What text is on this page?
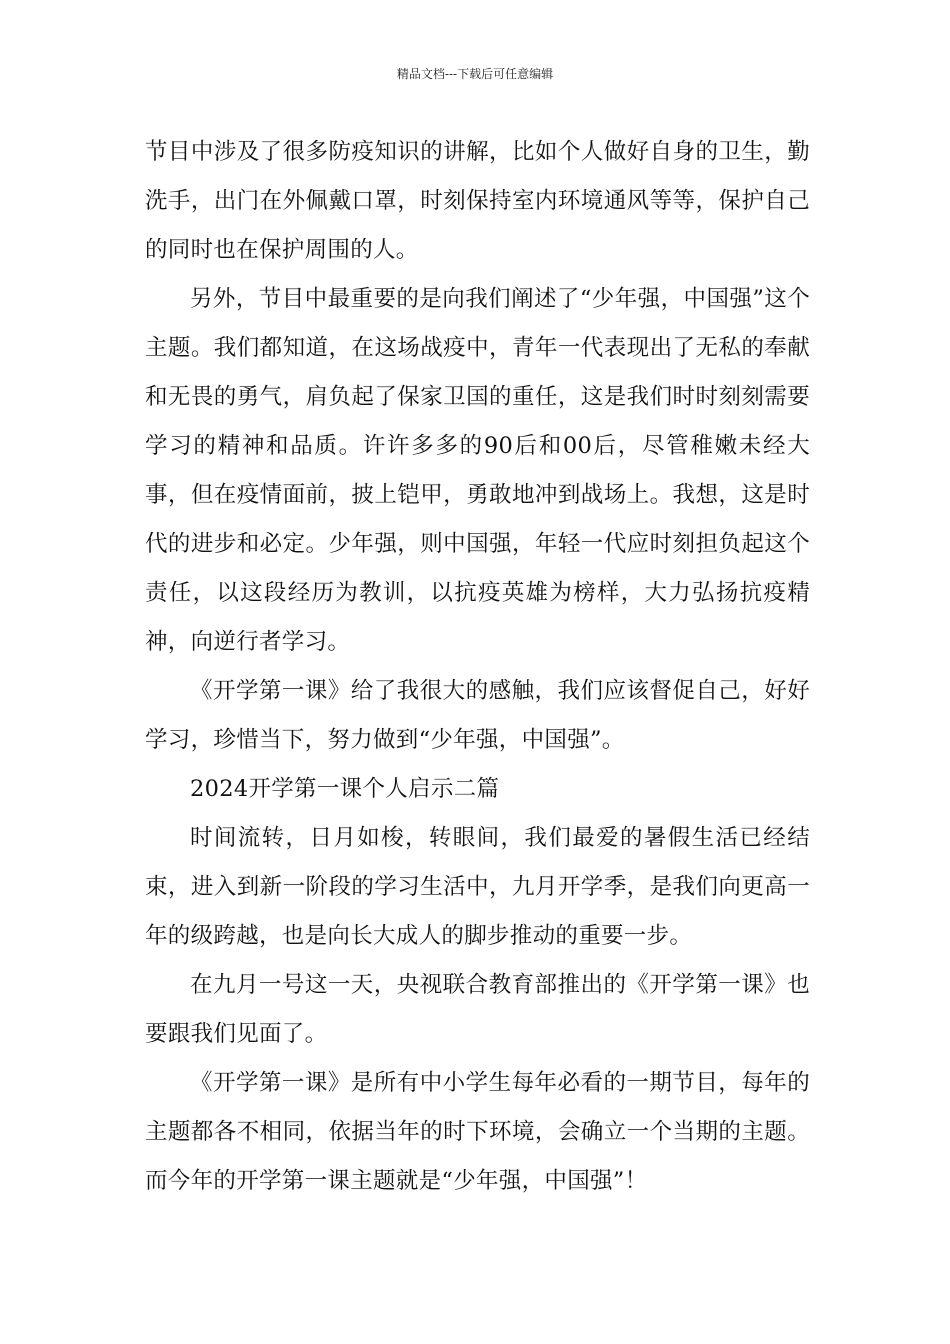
精品文档---下载后可任意编辑

节目中涉及了很多防疫知识的讲解，比如个人做好自身的卫生，勤洗手，出门在外佩戴口罩，时刻保持室内环境通风等等，保护自己的同时也在保护周围的人。

另外，节目中最重要的是向我们阐述了“少年强，中国强”这个主题。我们都知道，在这场战疫中，青年一代表现出了无私的奉献和无畏的勇气，肩负起了保家卫国的重任，这是我们时时刻刻需要学习的精神和品质。许许多多的90后和00后，尽管稚嫩未经大事，但在疫情面前，披上铠甲，勇敢地冲到战场上。我想，这是时代的进步和必定。少年强，则中国强，年轻一代应时刻担负起这个责任，以这段经历为教训，以抗疫英雄为榜样，大力弘扬抗疫精神，向逆行者学习。

《开学第一课》给了我很大的感触，我们应该督促自己，好好学习，珍惜当下，努力做到“少年强，中国强”。

2024开学第一课个人启示二篇

时间流转，日月如梭，转眼间，我们最爱的暑假生活已经结束，进入到新一阶段的学习生活中，九月开学季，是我们向更高一年的级跨越，也是向长大成人的脚步推动的重要一步。

在九月一号这一天，央视联合教育部推出的《开学第一课》也要跟我们见面了。

《开学第一课》是所有中小学生每年必看的一期节目，每年的主题都各不相同，依据当年的时下环境，会确立一个当期的主题。而今年的开学第一课主题就是“少年强，中国强”！
